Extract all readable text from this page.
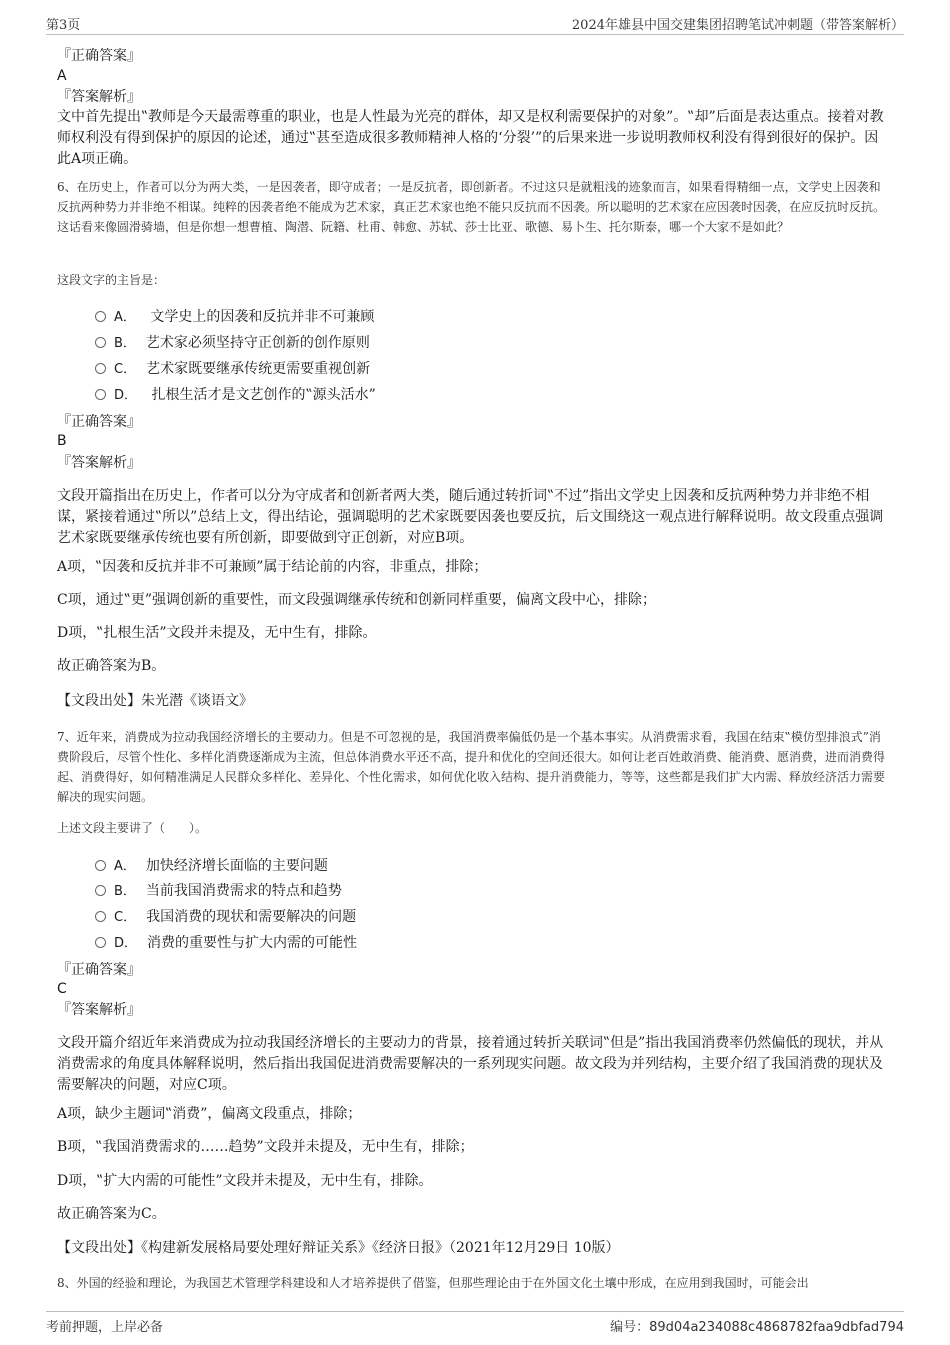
第3页	2024年雄县中国交建集团招聘笔试冲刺题（带答案解析）
『正确答案』
A
『答案解析』
文中首先提出‟教师是今天最需尊重的职业，也是人性最为光亮的群体，却又是权利需要保护的对象”。‟却”后面是表达重点。接着对教师权利没有得到保护的原因的论述，通过‟甚至造成很多教师精神人格的‘分裂’”的后果来进一步说明教师权利没有得到很好的保护。因此A项正确。
6、在历史上，作者可以分为两大类，一是因袭者，即守成者；一是反抗者，即创新者。不过这只是就粗浅的迹象而言，如果看得精细一点，文学史上因袭和反抗两种势力并非绝不相谋。纯粹的因袭者绝不能成为艺术家，真正艺术家也绝不能只反抗而不因袭。所以聪明的艺术家在应因袭时因袭，在应反抗时反抗。这话看来像圆滑骑墙，但是你想一想曹植、陶潜、阮籍、杜甫、韩愈、苏轼、莎士比亚、歌德、易卜生、托尔斯泰，哪一个大家不是如此？
这段文字的主旨是：
A． 文学史上的因袭和反抗并非不可兼顾
B． 艺术家必须坚持守正创新的创作原则
C． 艺术家既要继承传统更需要重视创新
D． 扎根生活才是文艺创作的‟源头活水”
『正确答案』
B
『答案解析』
文段开篇指出在历史上，作者可以分为守成者和创新者两大类，随后通过转折词‟不过”指出文学史上因袭和反抗两种势力并非绝不相谋，紧接着通过‟所以”总结上文，得出结论，强调聪明的艺术家既要因袭也要反抗，后文围绕这一观点进行解释说明。故文段重点强调艺术家既要继承传统也要有所创新，即要做到守正创新，对应B项。
A项，‟因袭和反抗并非不可兼顾”属于结论前的内容，非重点，排除；
C项，通过‟更”强调创新的重要性，而文段强调继承传统和创新同样重要，偏离文段中心，排除；
D项，‟扎根生活”文段并未提及，无中生有，排除。
故正确答案为B。
【文段出处】朱光潜《谈语文》
7、近年来，消费成为拉动我国经济增长的主要动力。但是不可忽视的是，我国消费率偏低仍是一个基本事实。从消费需求看，我国在结束‟模仿型排浪式”消费阶段后，尽管个性化、多样化消费逐渐成为主流，但总体消费水平还不高，提升和优化的空间还很大。如何让老百姓敢消费、能消费、愿消费，进而消费得起、消费得好，如何精准满足人民群众多样化、差异化、个性化需求，如何优化收入结构、提升消费能力，等等，这些都是我们扩大内需、释放经济活力需要解决的现实问题。
上述文段主要讲了（　　）。
A． 加快经济增长面临的主要问题
B． 当前我国消费需求的特点和趋势
C． 我国消费的现状和需要解决的问题
D． 消费的重要性与扩大内需的可能性
『正确答案』
C
『答案解析』
文段开篇介绍近年来消费成为拉动我国经济增长的主要动力的背景，接着通过转折关联词‟但是”指出我国消费率仍然偏低的现状，并从消费需求的角度具体解释说明，然后指出我国促进消费需要解决的一系列现实问题。故文段为并列结构，主要介绍了我国消费的现状及需要解决的问题，对应C项。
A项，缺少主题词‟消费”，偏离文段重点，排除；
B项，‟我国消费需求的……趋势”文段并未提及，无中生有，排除；
D项，‟扩大内需的可能性”文段并未提及，无中生有，排除。
故正确答案为C。
【文段出处】《构建新发展格局要处理好辩证关系》《经济日报》（2021年12月29日 10版）
8、外国的经验和理论，为我国艺术管理学科建设和人才培养提供了借鉴，但那些理论由于在外国文化土壤中形成，在应用到我国时，可能会出
考前押题，上岸必备	编号：89d04a234088c4868782faa9dbfad794
